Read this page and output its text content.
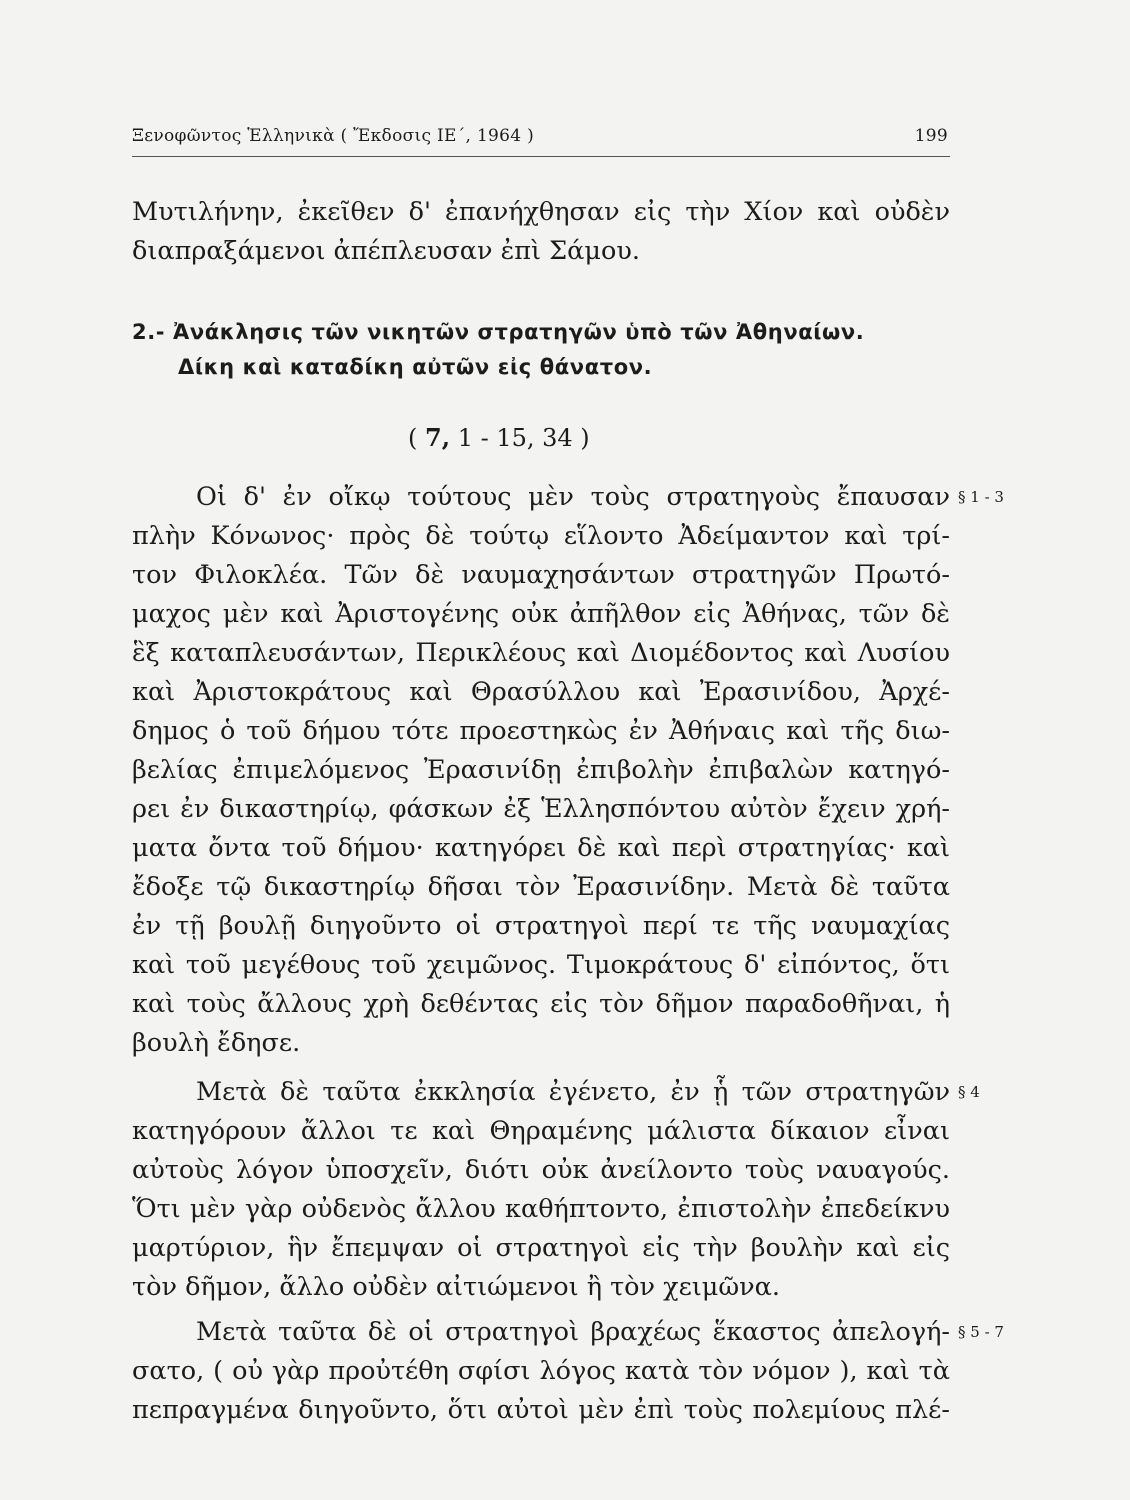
Ξενοφῶντος Ἑλληνικὰ ( Ἔκδοσις ΙΕ΄, 1964 )	199
Μυτιλήνην, ἐκεῖθεν δ' ἐπανήχθησαν εἰς τὴν Χίον καὶ οὐδὲν
διαπραξάμενοι ἀπέπλευσαν ἐπὶ Σάμου.
2.- Ἀνάκλησις τῶν νικητῶν στρατηγῶν ὑπὸ τῶν Ἀθηναίων.
Δίκη καὶ καταδίκη αὐτῶν εἰς θάνατον.
( 7, 1 - 15, 34 )
Οἱ δ' ἐν οἴκῳ τούτους μὲν τοὺς στρατηγοὺς ἔπαυσαν § 1 - 3
πλὴν Κόνωνος· πρὸς δὲ τούτῳ εἵλοντο Ἀδείμαντον καὶ τρί-
τον Φιλοκλέα. Τῶν δὲ ναυμαχησάντων στρατηγῶν Πρωτό-
μαχος μὲν καὶ Ἀριστογένης οὐκ ἀπῆλθον εἰς Ἀθήνας, τῶν δὲ
ἓξ καταπλευσάντων, Περικλέους καὶ Διομέδοντος καὶ Λυσίου
καὶ Ἀριστοκράτους καὶ Θρασύλλου καὶ Ἐρασινίδου, Ἀρχέ-
δημος ὁ τοῦ δήμου τότε προεστηκὼς ἐν Ἀθήναις καὶ τῆς διω-
βελίας ἐπιμελόμενος Ἐρασινίδῃ ἐπιβολὴν ἐπιβαλὼν κατηγό-
ρει ἐν δικαστηρίῳ, φάσκων ἐξ Ἑλλησπόντου αὐτὸν ἔχειν χρή-
ματα ὄντα τοῦ δήμου· κατηγόρει δὲ καὶ περὶ στρατηγίας· καὶ
ἔδοξε τῷ δικαστηρίῳ δῆσαι τὸν Ἐρασινίδην. Μετὰ δὲ ταῦτα
ἐν τῇ βουλῇ διηγοῦντο οἱ στρατηγοὶ περί τε τῆς ναυμαχίας
καὶ τοῦ μεγέθους τοῦ χειμῶνος. Τιμοκράτους δ' εἰπόντος, ὅτι
καὶ τοὺς ἄλλους χρὴ δεθέντας εἰς τὸν δῆμον παραδοθῆναι, ἡ
βουλὴ ἔδησε.
Μετὰ δὲ ταῦτα ἐκκλησία ἐγένετο, ἐν ᾗ τῶν στρατηγῶν § 4
κατηγόρουν ἄλλοι τε καὶ Θηραμένης μάλιστα δίκαιον εἶναι
αὐτοὺς λόγον ὑποσχεῖν, διότι οὐκ ἀνείλοντο τοὺς ναυαγούς.
Ὅτι μὲν γὰρ οὐδενὸς ἄλλου καθήπτοντο, ἐπιστολὴν ἐπεδείκνυ
μαρτύριον, ἣν ἔπεμψαν οἱ στρατηγοὶ εἰς τὴν βουλὴν καὶ εἰς
τὸν δῆμον, ἄλλο οὐδὲν αἰτιώμενοι ἢ τὸν χειμῶνα.
Μετὰ ταῦτα δὲ οἱ στρατηγοὶ βραχέως ἕκαστος ἀπελογή- § 5 - 7
σατο, ( οὐ γὰρ προὐτέθη σφίσι λόγος κατὰ τὸν νόμον ), καὶ τὰ
πεπραγμένα διηγοῦντο, ὅτι αὐτοὶ μὲν ἐπὶ τοὺς πολεμίους πλέ-
